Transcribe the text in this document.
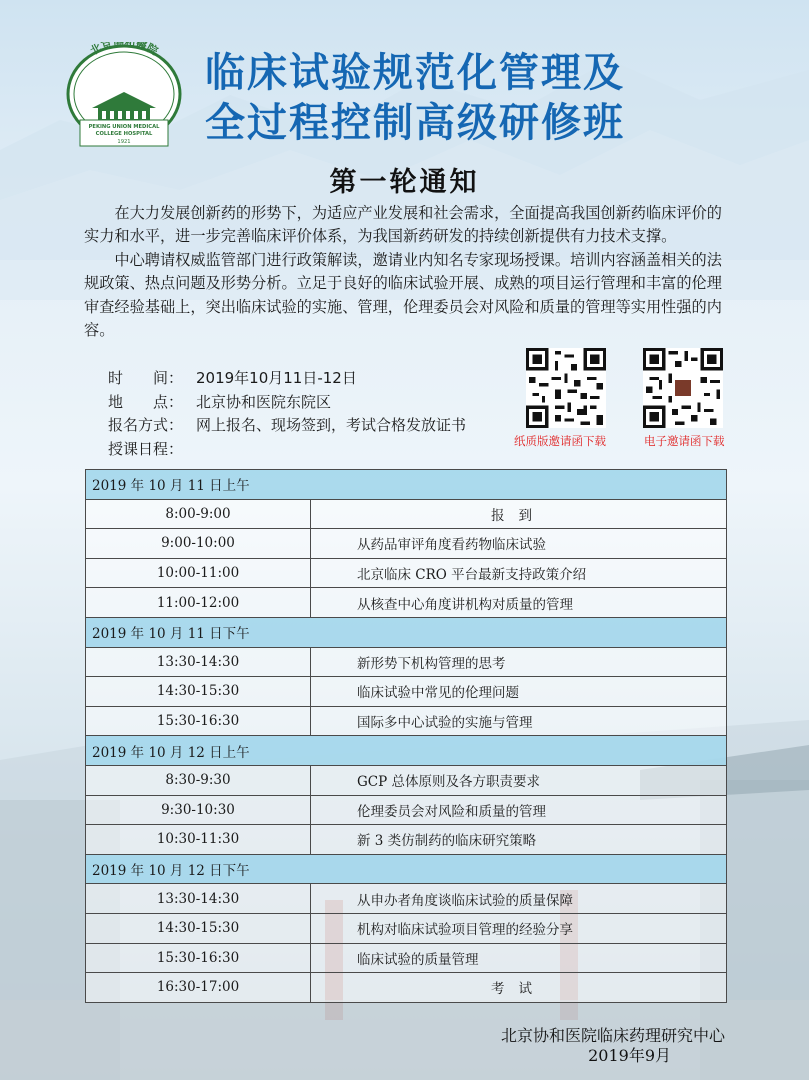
北京協和醫院
PEKING UNION MEDICAL
COLLEGE HOSPITAL
1921
临床试验规范化管理及
全过程控制高级研修班
第一轮通知

在大力发展创新药的形势下，为适应产业发展和社会需求，全面提高我国创新药临床评价的实力和水平，进一步完善临床评价体系，为我国新药研发的持续创新提供有力技术支撑。

中心聘请权威监管部门进行政策解读，邀请业内知名专家现场授课。培训内容涵盖相关的法规政策、热点问题及形势分析。立足于良好的临床试验开展、成熟的项目运行管理和丰富的伦理审查经验基础上，突出临床试验的实施、管理，伦理委员会对风险和质量的管理等实用性强的内容。

时　　间： 2019年10月11日-12日
地　　点： 北京协和医院东院区
报名方式： 网上报名、现场签到，考试合格发放证书
授课日程：	纸质版邀请函下载	电子邀请函下载
2019 年 10 月 11 日上午	
8:00-9:00	报到
9:00-10:00	从药品审评角度看药物临床试验
10:00-11:00	北京临床 CRO 平台最新支持政策介绍
11:00-12:00	从核查中心角度讲机构对质量的管理
2019 年 10 月 11 日下午	
13:30-14:30	新形势下机构管理的思考
14:30-15:30	临床试验中常见的伦理问题
15:30-16:30	国际多中心试验的实施与管理
2019 年 10 月 12 日上午	
8:30-9:30	GCP 总体原则及各方职责要求
9:30-10:30	伦理委员会对风险和质量的管理
10:30-11:30	新 3 类仿制药的临床研究策略
2019 年 10 月 12 日下午	
13:30-14:30	从申办者角度谈临床试验的质量保障
14:30-15:30	机构对临床试验项目管理的经验分享
15:30-16:30	临床试验的质量管理
16:30-17:00	考试
北京协和医院临床药理研究中心
2019年9月
